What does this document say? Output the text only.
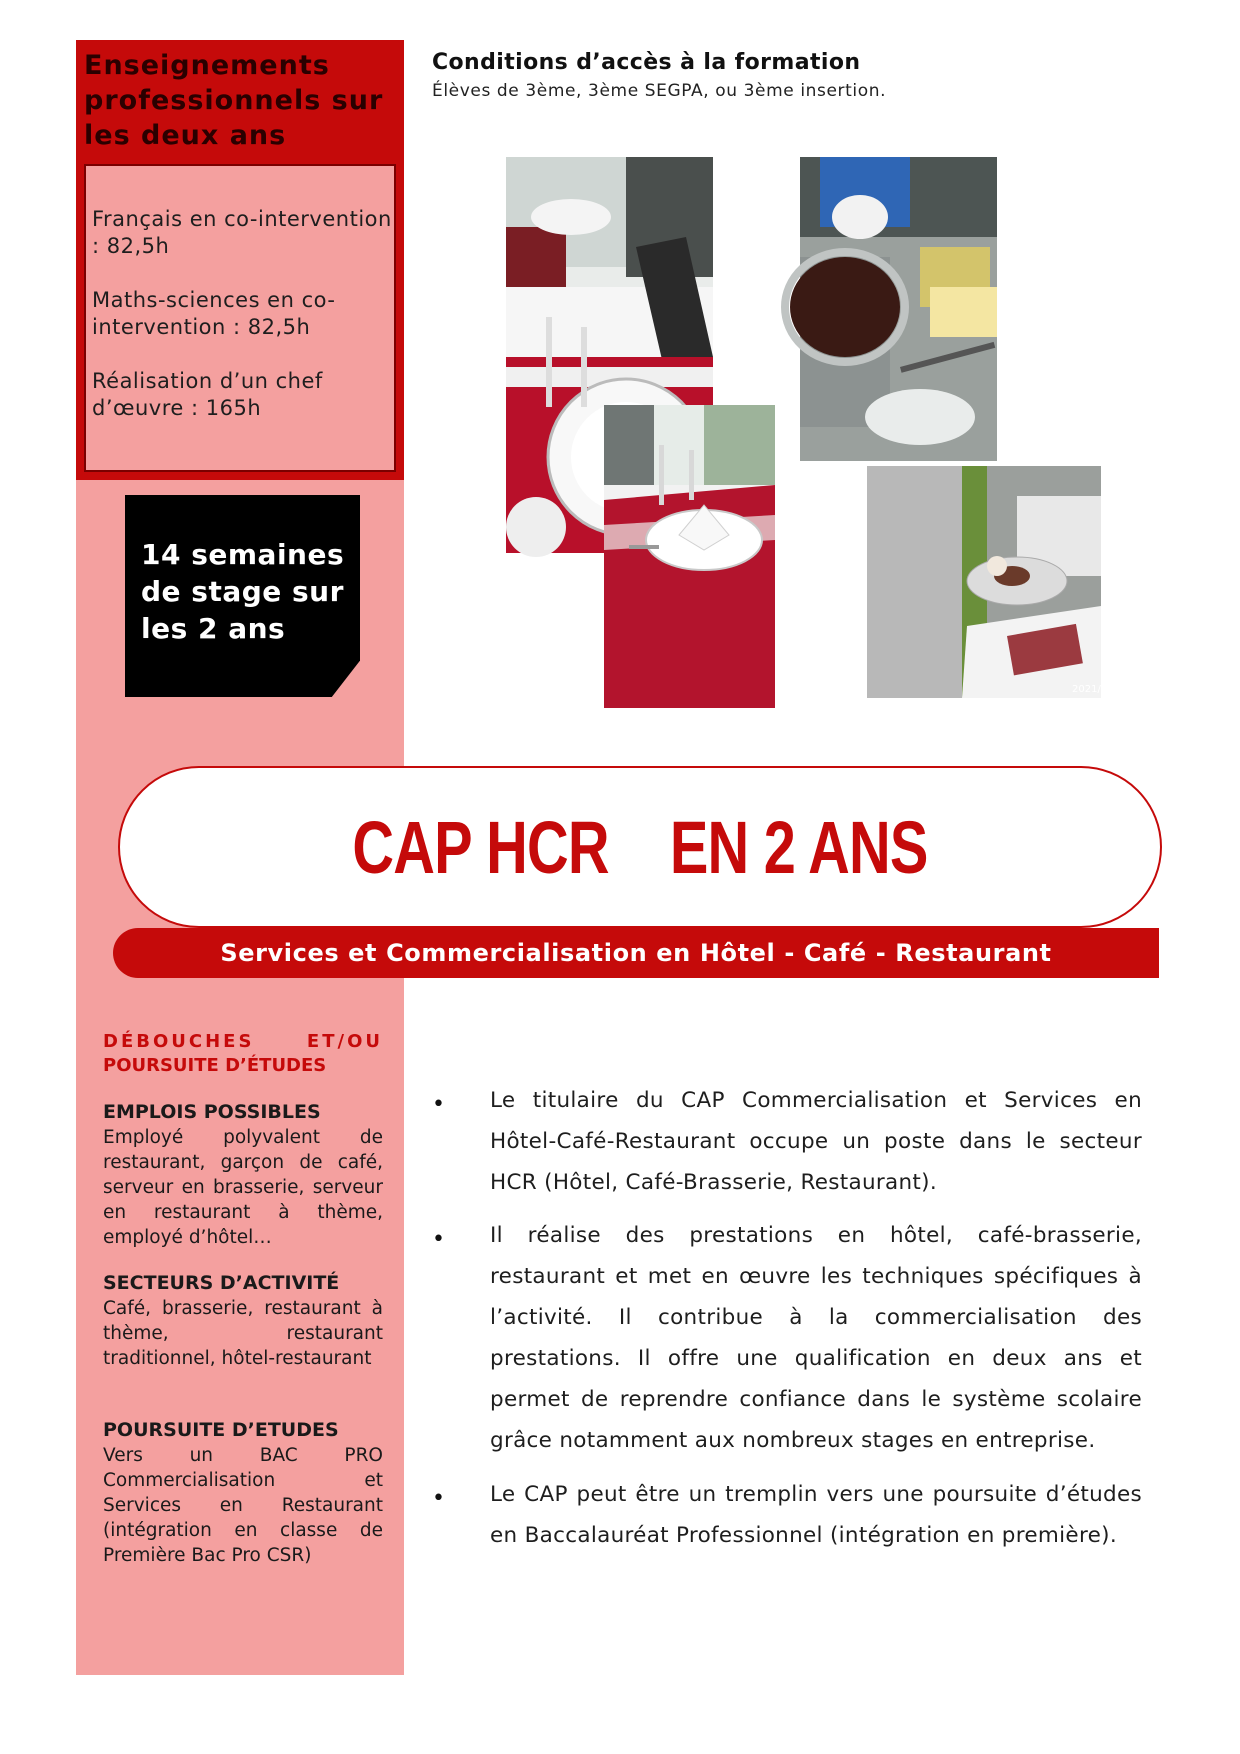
Enseignements professionnels sur les deux ans
Français en co-intervention : 82,5h
Maths-sciences en co-intervention : 82,5h
Réalisation d’un chef d’œuvre : 165h
14 semaines de stage sur les 2 ans
Conditions d’accès à la formation
Élèves de 3ème, 3ème SEGPA, ou 3ème insertion.
2021/4
CAP HCR    EN 2 ANS
Services et Commercialisation en Hôtel - Café - Restaurant
DÉBOUCHES	ET/OU
POURSUITE D’ÉTUDES
EMPLOIS POSSIBLES
Employé polyvalent de restaurant, garçon de café, serveur en brasserie, serveur en restaurant à thème, employé d’hôtel…
SECTEURS D’ACTIVITÉ
Café, brasserie, restaurant à thème, restaurant traditionnel, hôtel-restaurant
POURSUITE D’ETUDES
Vers un BAC PRO Commercialisation et Services en Restaurant (intégration en classe de Première Bac Pro CSR)
• Le titulaire du CAP Commercialisation et Services en Hôtel-Café-Restaurant occupe un poste dans le secteur HCR (Hôtel, Café-Brasserie, Restaurant).
• Il réalise des prestations en hôtel, café-brasserie, restaurant et met en œuvre les techniques spécifiques à l’activité. Il contribue à la commercialisation des prestations. Il offre une qualification en deux ans et permet de reprendre confiance dans le système scolaire grâce notamment aux nombreux stages en entreprise.
• Le CAP peut être un tremplin vers une poursuite d’études en Baccalauréat Professionnel (intégration en première).
